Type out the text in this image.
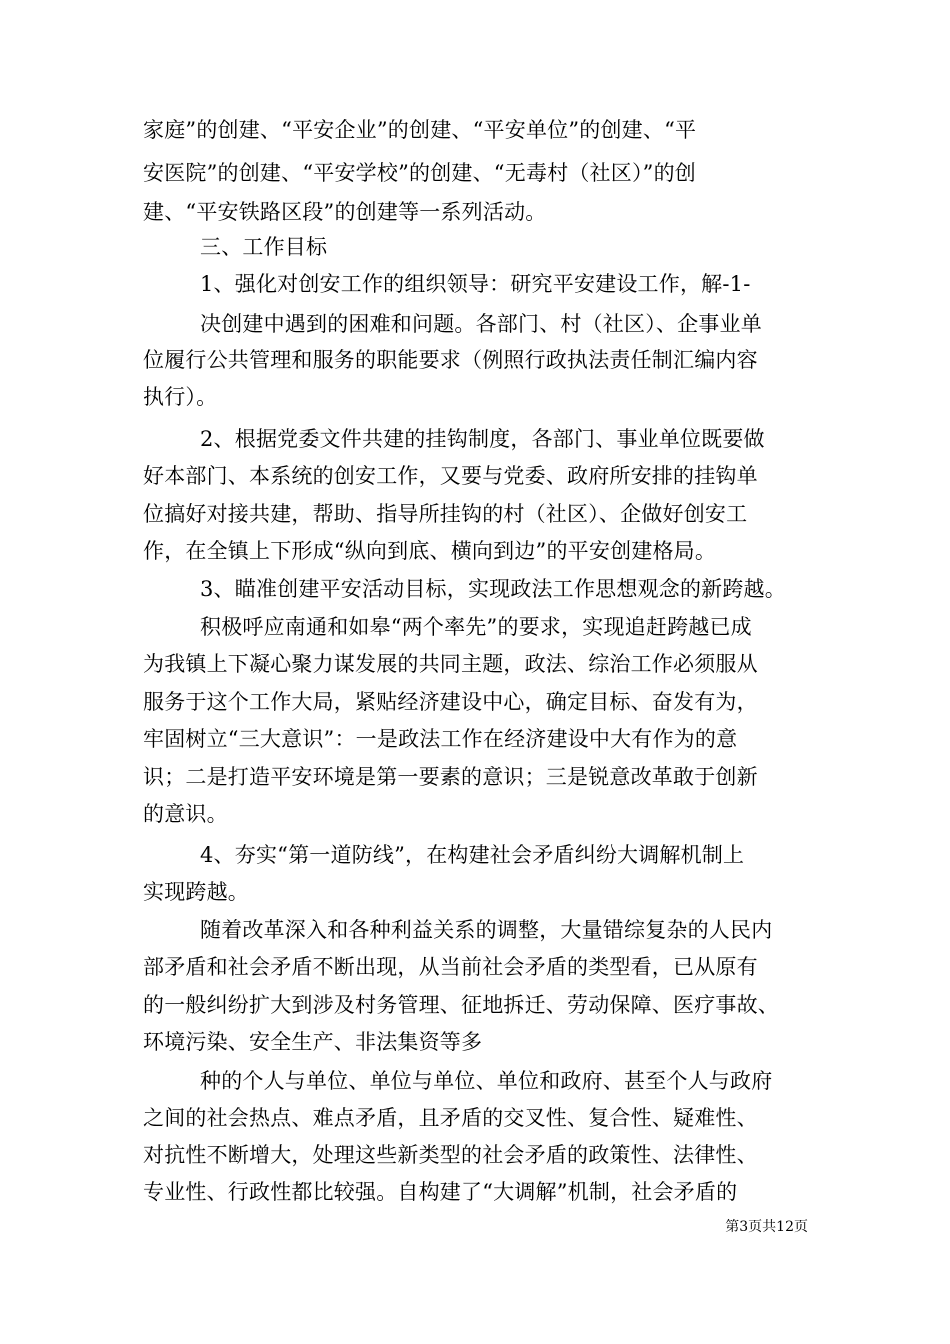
家庭”的创建、“平安企业”的创建、“平安单位”的创建、“平
安医院”的创建、“平安学校”的创建、“无毒村（社区）”的创
建、“平安铁路区段”的创建等一系列活动。
三、工作目标
1、强化对创安工作的组织领导：研究平安建设工作，解-1-
决创建中遇到的困难和问题。各部门、村（社区）、企事业单
位履行公共管理和服务的职能要求（例照行政执法责任制汇编内容
执行）。
2、根据党委文件共建的挂钩制度，各部门、事业单位既要做
好本部门、本系统的创安工作，又要与党委、政府所安排的挂钩单
位搞好对接共建，帮助、指导所挂钩的村（社区）、企做好创安工
作，在全镇上下形成“纵向到底、横向到边”的平安创建格局。
3、瞄准创建平安活动目标，实现政法工作思想观念的新跨越。
积极呼应南通和如皋“两个率先”的要求，实现追赶跨越已成
为我镇上下凝心聚力谋发展的共同主题，政法、综治工作必须服从
服务于这个工作大局，紧贴经济建设中心，确定目标、奋发有为，
牢固树立“三大意识”：一是政法工作在经济建设中大有作为的意
识；二是打造平安环境是第一要素的意识；三是锐意改革敢于创新
的意识。
4、夯实“第一道防线”，在构建社会矛盾纠纷大调解机制上
实现跨越。
随着改革深入和各种利益关系的调整，大量错综复杂的人民内
部矛盾和社会矛盾不断出现，从当前社会矛盾的类型看，已从原有
的一般纠纷扩大到涉及村务管理、征地拆迁、劳动保障、医疗事故、
环境污染、安全生产、非法集资等多
种的个人与单位、单位与单位、单位和政府、甚至个人与政府
之间的社会热点、难点矛盾，且矛盾的交叉性、复合性、疑难性、
对抗性不断增大，处理这些新类型的社会矛盾的政策性、法律性、
专业性、行政性都比较强。自构建了“大调解”机制，社会矛盾的
第3页共12页
